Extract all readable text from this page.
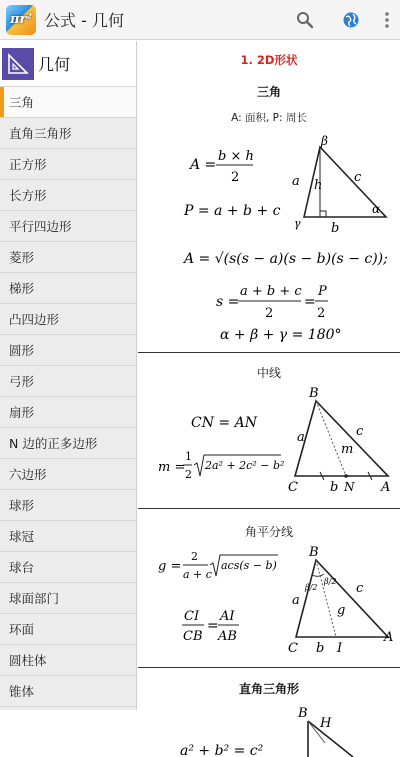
πr² 公式 - 几何
几何
三角
直角三角形
正方形
长方形
平行四边形
菱形
梯形
凸四边形
圆形
弓形
扇形
N 边的正多边形
六边形
球形
球冠
球台
球面部门
环面
圆柱体
锥体
1. 2D形状
三角
A: 面积, P: 周长
A =
b × h
2
P = a + b + c
β
a h
c
α
γ b
A = √(s(s − a)(s − b)(s − c));
s =
a + b + c
2
=
P
2
α + β + γ = 180°
中线
CN = AN
m =
1
2
2a² + 2c² − b²
B
a	c
m
C b N A
角平分线
g =
2
a + c
acs(s − b)
CI
CB
=
AI
AB
B
β/2
β/2
a
c
g
C b I
A
直角三角形
a² + b² = c²
B
H
